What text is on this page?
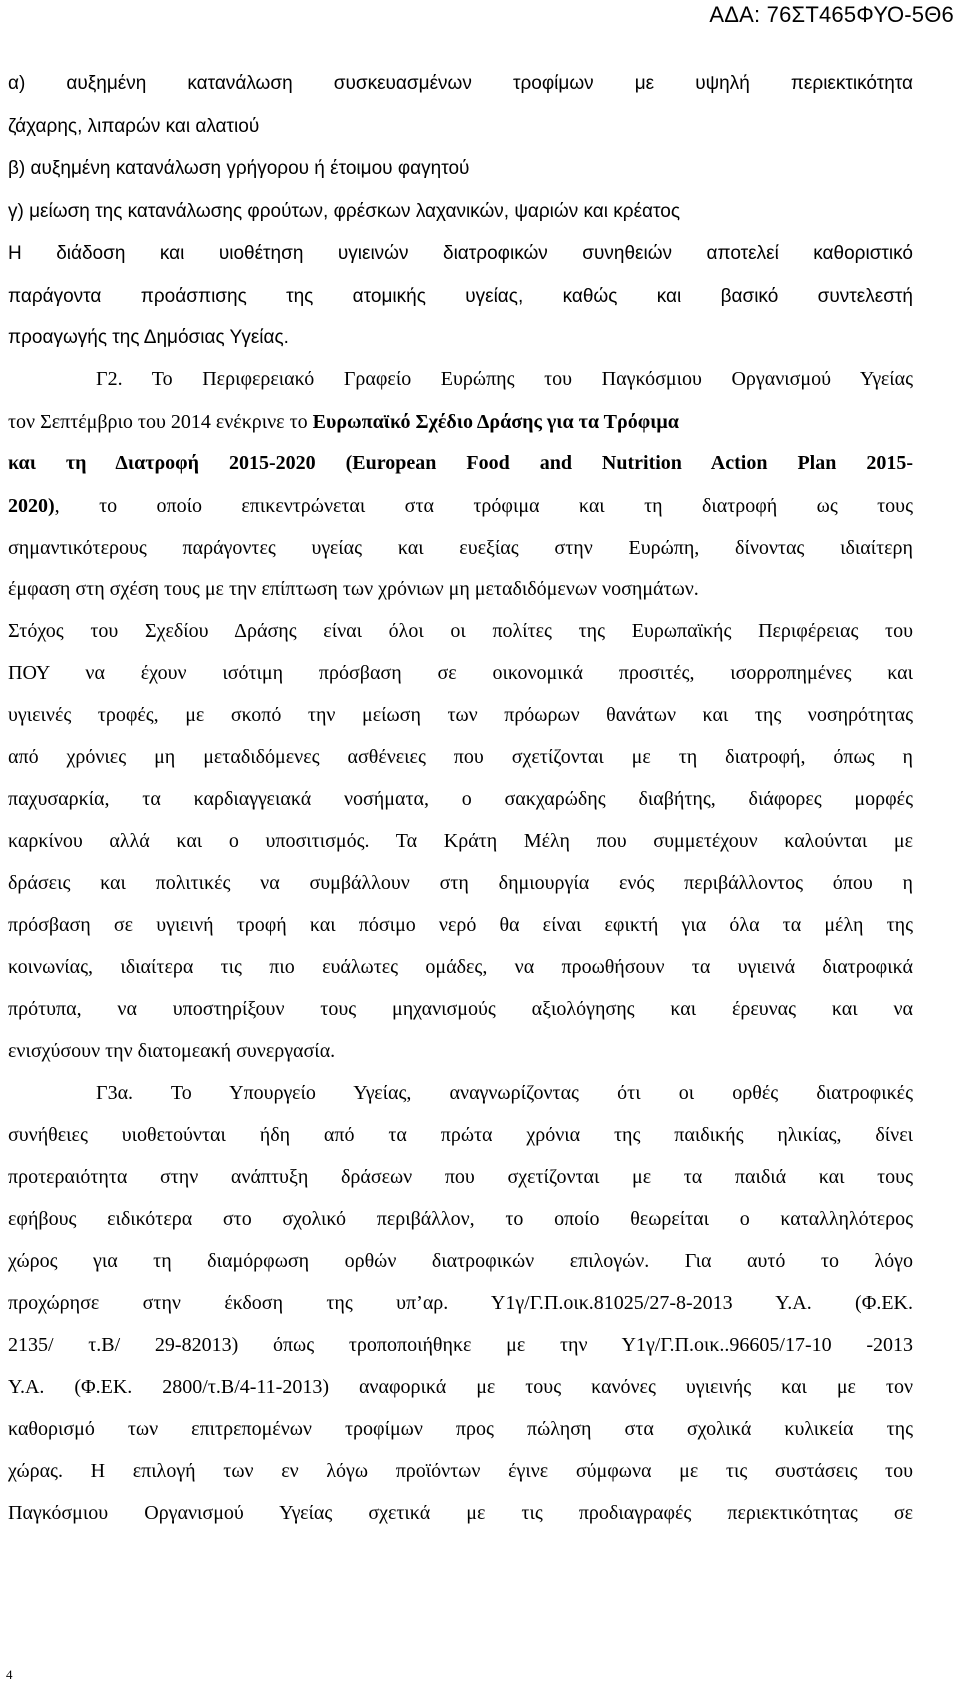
ΑΔΑ: 76ΣΤ465ΦΥΟ-5Θ6
α) αυξημένη κατανάλωση συσκευασμένων τροφίμων με υψηλή περιεκτικότητα
ζάχαρης, λιπαρών και αλατιού
β) αυξημένη κατανάλωση γρήγορου ή έτοιμου φαγητού
γ) μείωση της κατανάλωσης φρούτων, φρέσκων λαχανικών, ψαριών και κρέατος
Η διάδοση και υιοθέτηση υγιεινών διατροφικών συνηθειών αποτελεί καθοριστικό
παράγοντα προάσπισης της ατομικής υγείας, καθώς και βασικό συντελεστή
προαγωγής της Δημόσιας Υγείας.
Γ2. Το Περιφερειακό Γραφείο Ευρώπης του Παγκόσμιου Οργανισμού Υγείας
τον Σεπτέμβριο του 2014 ενέκρινε το Ευρωπαϊκό Σχέδιο Δράσης για τα Τρόφιμα
και τη Διατροφή 2015-2020 (European Food and Nutrition Action Plan 2015-
2020) , το οποίο επικεντρώνεται στα τρόφιμα και τη διατροφή ως τους
σημαντικότερους παράγοντες υγείας και ευεξίας στην Ευρώπη, δίνοντας ιδιαίτερη
έμφαση στη σχέση τους με την επίπτωση των χρόνιων μη μεταδιδόμενων νοσημάτων.
Στόχος του Σχεδίου Δράσης είναι όλοι οι πολίτες της Ευρωπαϊκής Περιφέρειας του
ΠΟΥ να έχουν ισότιμη πρόσβαση σε οικονομικά προσιτές, ισορροπημένες και
υγιεινές τροφές, με σκοπό την μείωση των πρόωρων θανάτων και της νοσηρότητας
από χρόνιες μη μεταδιδόμενες ασθένειες που σχετίζονται με τη διατροφή, όπως η
παχυσαρκία, τα καρδιαγγειακά νοσήματα, ο σακχαρώδης διαβήτης, διάφορες μορφές
καρκίνου αλλά και ο υποσιτισμός. Τα Κράτη Μέλη που συμμετέχουν καλούνται με
δράσεις και πολιτικές να συμβάλλουν στη δημιουργία ενός περιβάλλοντος όπου η
πρόσβαση σε υγιεινή τροφή και πόσιμο νερό θα είναι εφικτή για όλα τα μέλη της
κοινωνίας, ιδιαίτερα τις πιο ευάλωτες ομάδες, να προωθήσουν τα υγιεινά διατροφικά
πρότυπα, να υποστηρίξουν τους μηχανισμούς αξιολόγησης και έρευνας και να
ενισχύσουν την διατομεακή συνεργασία.
Γ3α. Το Υπουργείο Υγείας, αναγνωρίζοντας ότι οι ορθές διατροφικές
συνήθειες υιοθετούνται ήδη από τα πρώτα χρόνια της παιδικής ηλικίας, δίνει
προτεραιότητα στην ανάπτυξη δράσεων που σχετίζονται με τα παιδιά και τους
εφήβους ειδικότερα στο σχολικό περιβάλλον, το οποίο θεωρείται ο καταλληλότερος
χώρος για τη διαμόρφωση ορθών διατροφικών επιλογών. Για αυτό το λόγο
προχώρησε στην έκδοση της υπ’αρ. Υ1γ/Γ.Π.οικ.81025/27-8-2013 Υ.Α. (Φ.ΕΚ.
2135/ τ.Β/ 29-82013) όπως τροποποιήθηκε με την Υ1γ/Γ.Π.οικ..96605/17-10 -2013
Υ.Α. (Φ.ΕΚ. 2800/τ.Β/4-11-2013) αναφορικά με τους κανόνες υγιεινής και με τον
καθορισμό των επιτρεπομένων τροφίμων προς πώληση στα σχολικά κυλικεία της
χώρας. Η επιλογή των εν λόγω προϊόντων έγινε σύμφωνα με τις συστάσεις του
Παγκόσμιου Οργανισμού Υγείας σχετικά με τις προδιαγραφές περιεκτικότητας σε
4
